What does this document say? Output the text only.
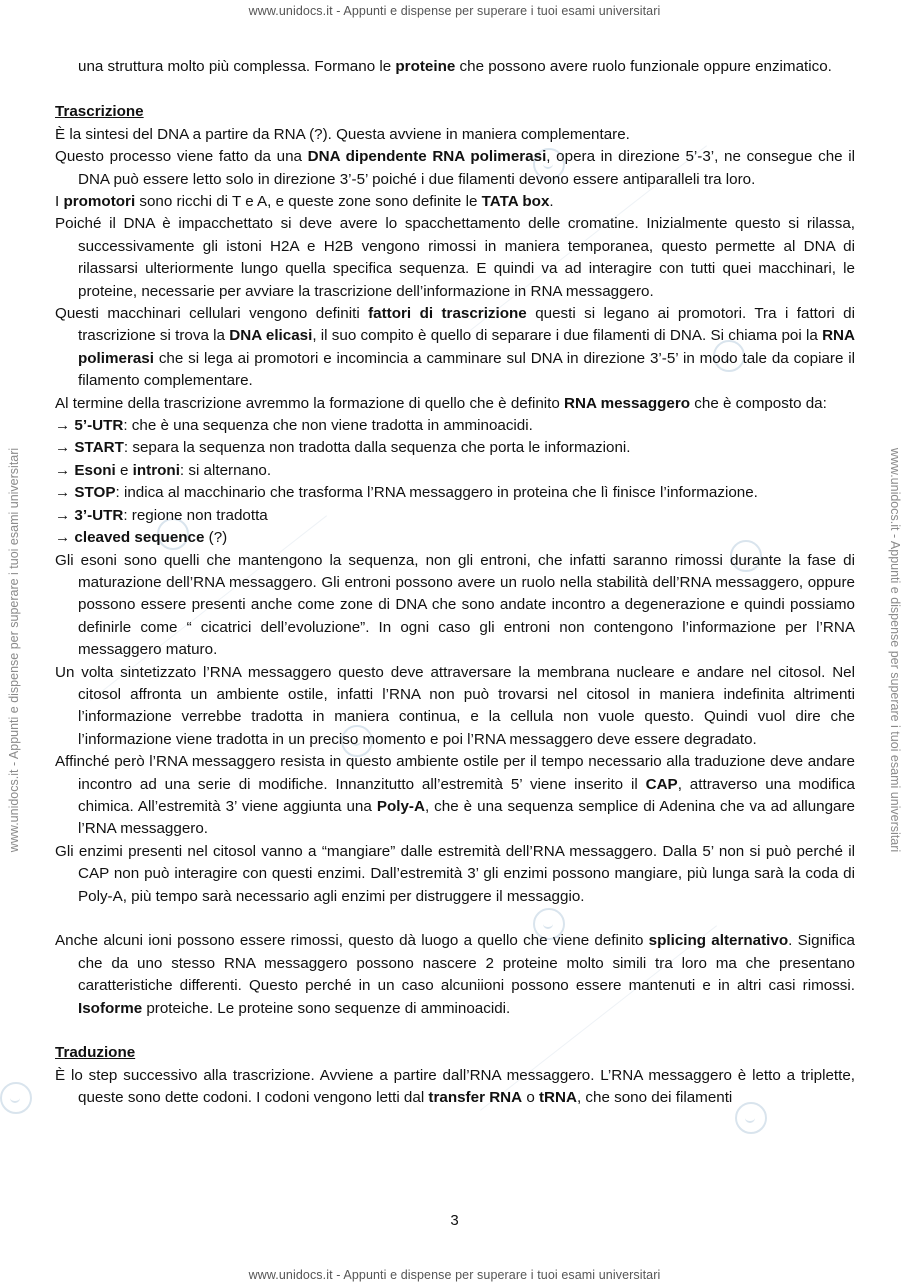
www.unidocs.it - Appunti e dispense per superare i tuoi esami universitari
www.unidocs.it - Appunti e dispense per superare i tuoi esami universitari	www.unidocs.it - Appunti e dispense per superare i tuoi esami universitari

una struttura molto più complessa. Formano le proteine che possono avere ruolo funzionale oppure enzimatico.

Trascrizione

È la sintesi del DNA a partire da RNA (?). Questa avviene in maniera complementare.

Questo processo viene fatto da una DNA dipendente RNA polimerasi, opera in direzione 5’-3’, ne consegue che il DNA può essere letto solo in direzione 3’-5’ poiché i due filamenti devono essere antiparalleli tra loro.

I promotori sono ricchi di T e A, e queste zone sono definite le TATA box.

Poiché il DNA è impacchettato si deve avere lo spacchettamento delle cromatine. Inizialmente questo si rilassa, successivamente gli istoni H2A e H2B vengono rimossi in maniera temporanea, questo permette al DNA di rilassarsi ulteriormente lungo quella specifica sequenza. E quindi va ad interagire con tutti quei macchinari, le proteine, necessarie per avviare la trascrizione dell’informazione in RNA messaggero.

Questi macchinari cellulari vengono definiti fattori di trascrizione questi si legano ai promotori. Tra i fattori di trascrizione si trova la DNA elicasi, il suo compito è quello di separare i due filamenti di DNA. Si chiama poi la RNA polimerasi che si lega ai promotori e incomincia a camminare sul DNA in direzione 3’-5’ in modo tale da copiare il filamento complementare.

Al termine della trascrizione avremmo la formazione di quello che è definito RNA messaggero che è composto da:

→ 5’-UTR: che è una sequenza che non viene tradotta in amminoacidi.
→ START: separa la sequenza non tradotta dalla sequenza che porta le informazioni.
→ Esoni e introni: si alternano.
→ STOP: indica al macchinario che trasforma l’RNA messaggero in proteina che lì finisce l’informazione.
→ 3’-UTR: regione non tradotta
→ cleaved sequence (?)

Gli esoni sono quelli che mantengono la sequenza, non gli entroni, che infatti saranno rimossi durante la fase di maturazione dell’RNA messaggero. Gli entroni possono avere un ruolo nella stabilità dell’RNA messaggero, oppure possono essere presenti anche come zone di DNA che sono andate incontro a degenerazione e quindi possiamo definirle come “ cicatrici dell’evoluzione”. In ogni caso gli entroni non contengono l’informazione per l’RNA messaggero maturo.

Un volta sintetizzato l’RNA messaggero questo deve attraversare la membrana nucleare e andare nel citosol. Nel citosol affronta un ambiente ostile, infatti l’RNA non può trovarsi nel citosol in maniera indefinita altrimenti l’informazione verrebbe tradotta in maniera continua, e la cellula non vuole questo. Quindi vuol dire che l’informazione viene tradotta in un preciso momento e poi l’RNA messaggero deve essere degradato.

Affinché però l’RNA messaggero resista in questo ambiente ostile per il tempo necessario alla traduzione deve andare incontro ad una serie di modifiche. Innanzitutto all’estremità 5’ viene inserito il CAP, attraverso una modifica chimica. All’estremità 3’ viene aggiunta una Poly-A, che è una sequenza semplice di Adenina che va ad allungare l’RNA messaggero.

Gli enzimi presenti nel citosol vanno a “mangiare” dalle estremità dell’RNA messaggero. Dalla 5’ non si può perché il CAP non può interagire con questi enzimi. Dall’estremità 3’ gli enzimi possono mangiare, più lunga sarà la coda di Poly-A, più tempo sarà necessario agli enzimi per distruggere il messaggio.

Anche alcuni ioni possono essere rimossi, questo dà luogo a quello che viene definito splicing alternativo. Significa che da uno stesso RNA messaggero possono nascere 2 proteine molto simili tra loro ma che presentano caratteristiche differenti. Questo perché in un caso alcuniioni possono essere mantenuti e in altri casi rimossi. Isoforme proteiche. Le proteine sono sequenze di amminoacidi.

Traduzione

È lo step successivo alla trascrizione. Avviene a partire dall’RNA messaggero. L’RNA messaggero è letto a triplette, queste sono dette codoni. I codoni vengono letti dal transfer RNA o tRNA, che sono dei filamenti

3
www.unidocs.it - Appunti e dispense per superare i tuoi esami universitari
